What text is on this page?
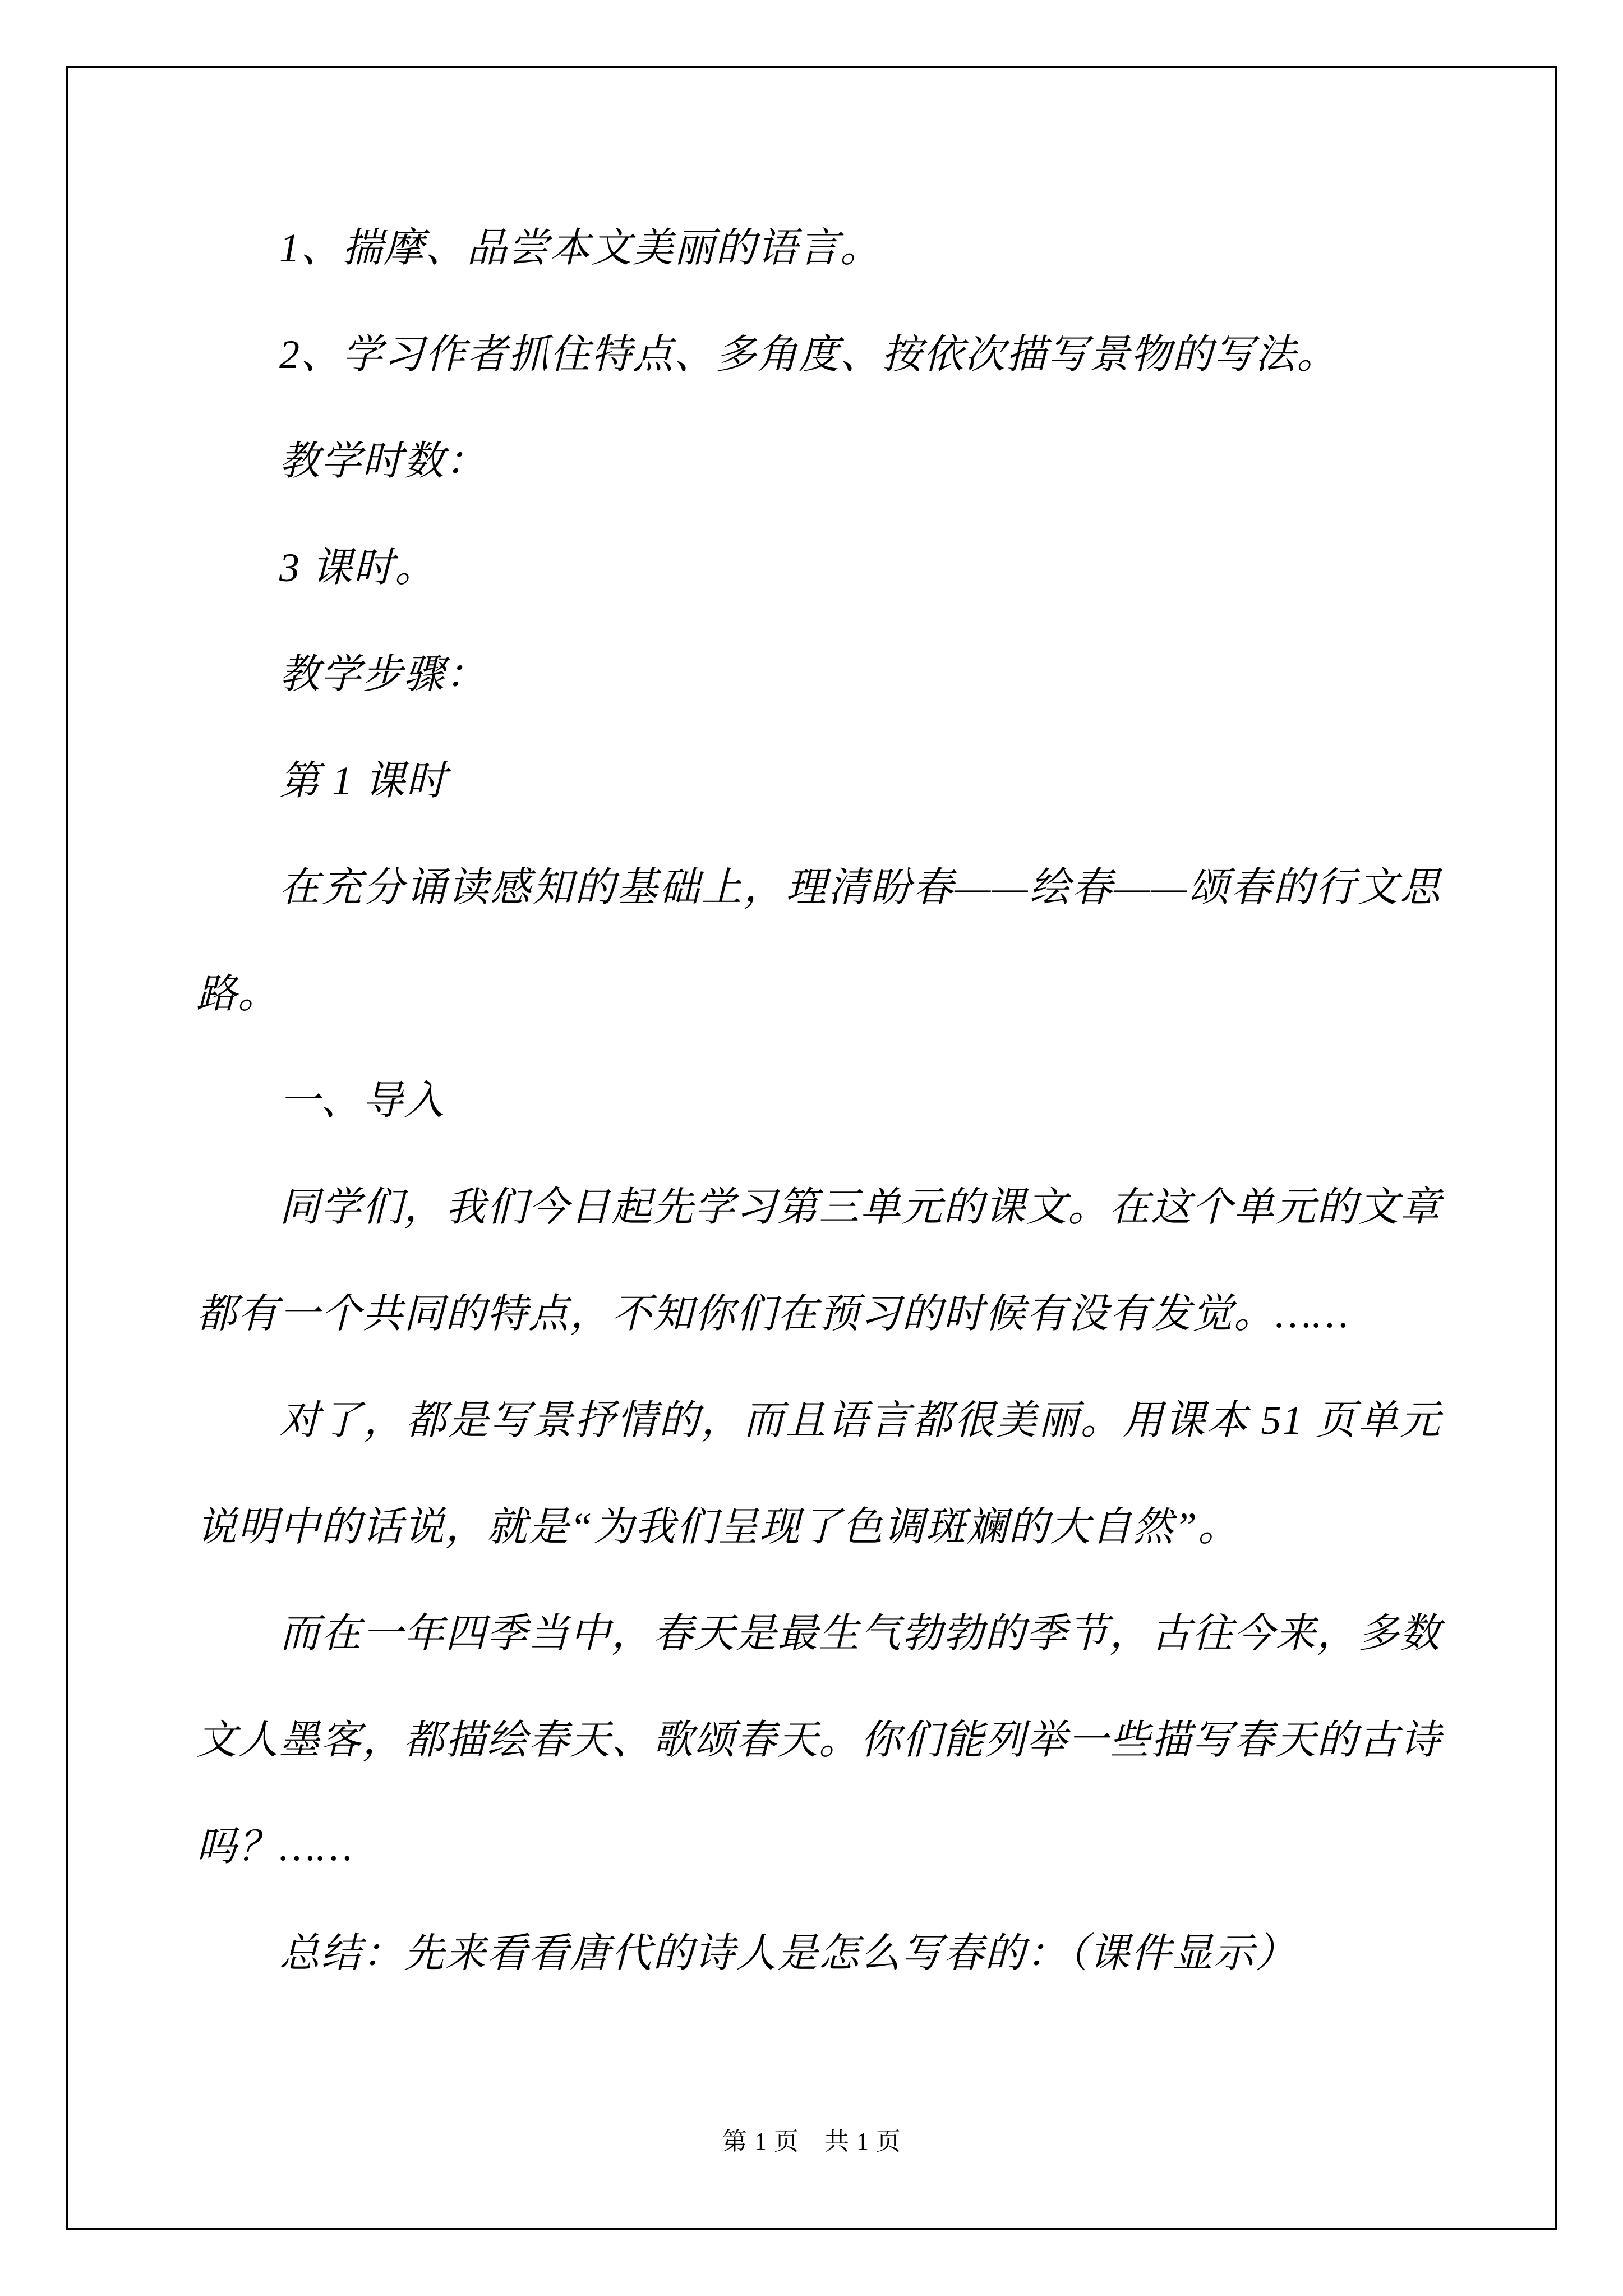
1、揣摩、品尝本文美丽的语言。

2、学习作者抓住特点、多角度、按依次描写景物的写法。

教学时数：

3 课时。

教学步骤：

第 1 课时

在充分诵读感知的基础上，理清盼春——绘春——颂春的行文思路。

一、导入

同学们，我们今日起先学习第三单元的课文。在这个单元的文章都有一个共同的特点，不知你们在预习的时候有没有发觉。……

对了，都是写景抒情的，而且语言都很美丽。用课本 51 页单元说明中的话说，就是“为我们呈现了色调斑斓的大自然”。

而在一年四季当中，春天是最生气勃勃的季节，古往今来，多数文人墨客，都描绘春天、歌颂春天。你们能列举一些描写春天的古诗吗？……

总结：先来看看唐代的诗人是怎么写春的：（课件显示）

第 1 页　共 1 页
